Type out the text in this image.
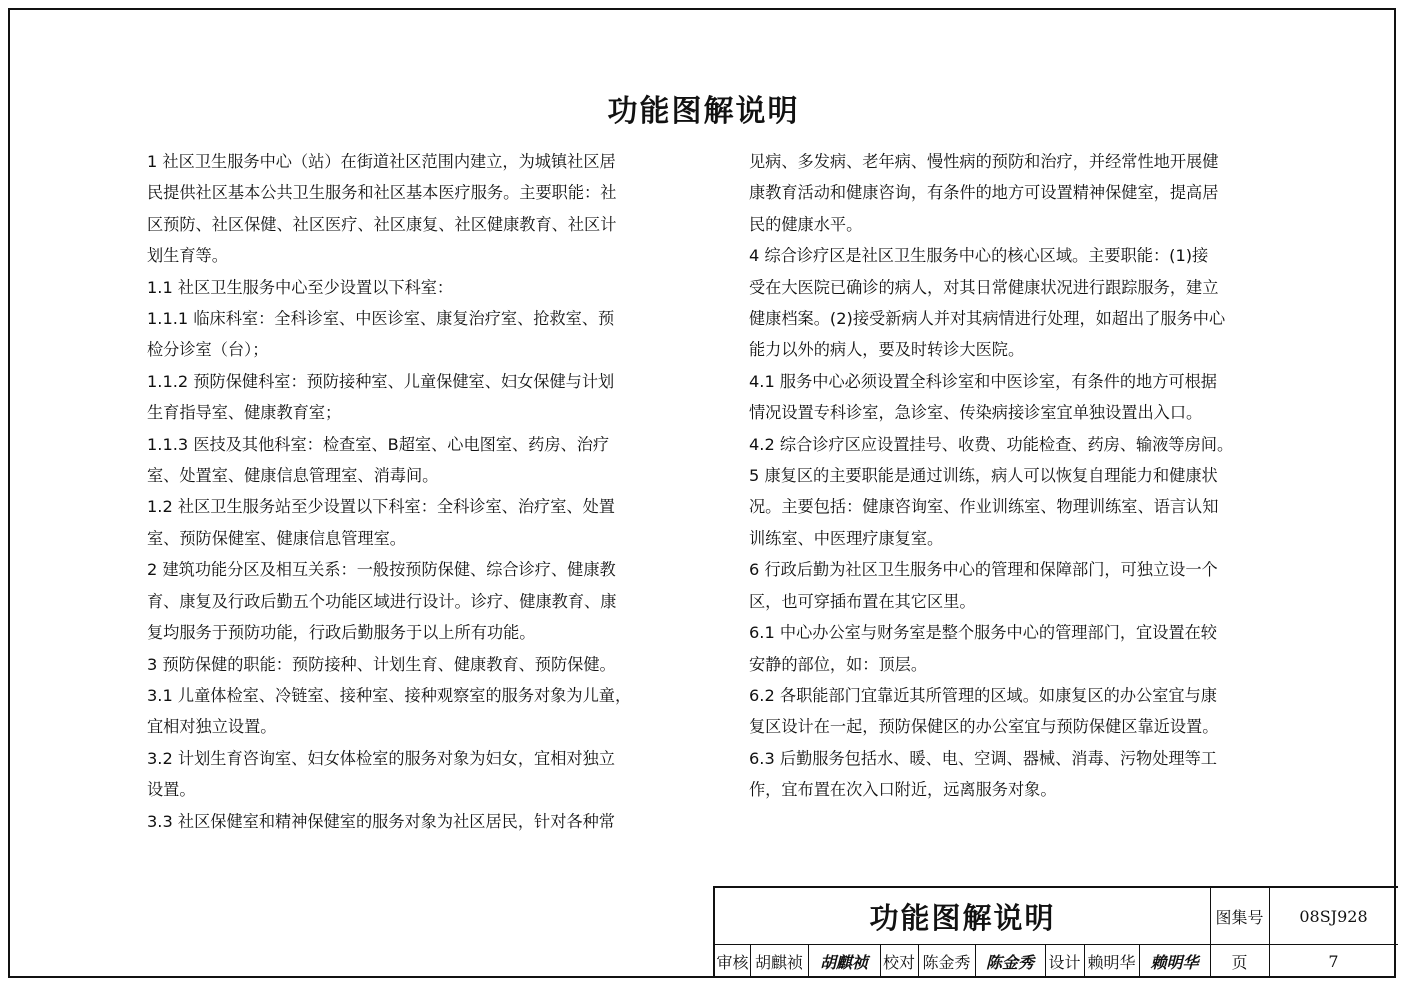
功能图解说明

1 社区卫生服务中心（站）在街道社区范围内建立，为城镇社区居

民提供社区基本公共卫生服务和社区基本医疗服务。主要职能：社

区预防、社区保健、社区医疗、社区康复、社区健康教育、社区计

划生育等。

1.1 社区卫生服务中心至少设置以下科室：

1.1.1 临床科室：全科诊室、中医诊室、康复治疗室、抢救室、预

检分诊室（台）；

1.1.2 预防保健科室：预防接种室、儿童保健室、妇女保健与计划

生育指导室、健康教育室；

1.1.3 医技及其他科室：检查室、B超室、心电图室、药房、治疗

室、处置室、健康信息管理室、消毒间。

1.2 社区卫生服务站至少设置以下科室：全科诊室、治疗室、处置

室、预防保健室、健康信息管理室。

2 建筑功能分区及相互关系：一般按预防保健、综合诊疗、健康教

育、康复及行政后勤五个功能区域进行设计。诊疗、健康教育、康

复均服务于预防功能，行政后勤服务于以上所有功能。

3 预防保健的职能：预防接种、计划生育、健康教育、预防保健。

3.1 儿童体检室、冷链室、接种室、接种观察室的服务对象为儿童，

宜相对独立设置。

3.2 计划生育咨询室、妇女体检室的服务对象为妇女，宜相对独立

设置。

3.3 社区保健室和精神保健室的服务对象为社区居民，针对各种常

见病、多发病、老年病、慢性病的预防和治疗，并经常性地开展健

康教育活动和健康咨询，有条件的地方可设置精神保健室，提高居

民的健康水平。

4 综合诊疗区是社区卫生服务中心的核心区域。主要职能：(1)接

受在大医院已确诊的病人，对其日常健康状况进行跟踪服务，建立

健康档案。(2)接受新病人并对其病情进行处理，如超出了服务中心

能力以外的病人，要及时转诊大医院。

4.1 服务中心必须设置全科诊室和中医诊室，有条件的地方可根据

情况设置专科诊室，急诊室、传染病接诊室宜单独设置出入口。

4.2 综合诊疗区应设置挂号、收费、功能检查、药房、输液等房间。

5 康复区的主要职能是通过训练，病人可以恢复自理能力和健康状

况。主要包括：健康咨询室、作业训练室、物理训练室、语言认知

训练室、中医理疗康复室。

6 行政后勤为社区卫生服务中心的管理和保障部门，可独立设一个

区，也可穿插布置在其它区里。

6.1 中心办公室与财务室是整个服务中心的管理部门，宜设置在较

安静的部位，如：顶层。

6.2 各职能部门宜靠近其所管理的区域。如康复区的办公室宜与康

复区设计在一起，预防保健区的办公室宜与预防保健区靠近设置。

6.3 后勤服务包括水、暖、电、空调、器械、消毒、污物处理等工

作，宜布置在次入口附近，远离服务对象。

功能图解说明	图集号	08SJ928
审核 胡麒祯	胡麒祯 校对 陈金秀 陈金秀 设计 赖明华 赖明华	页	7
